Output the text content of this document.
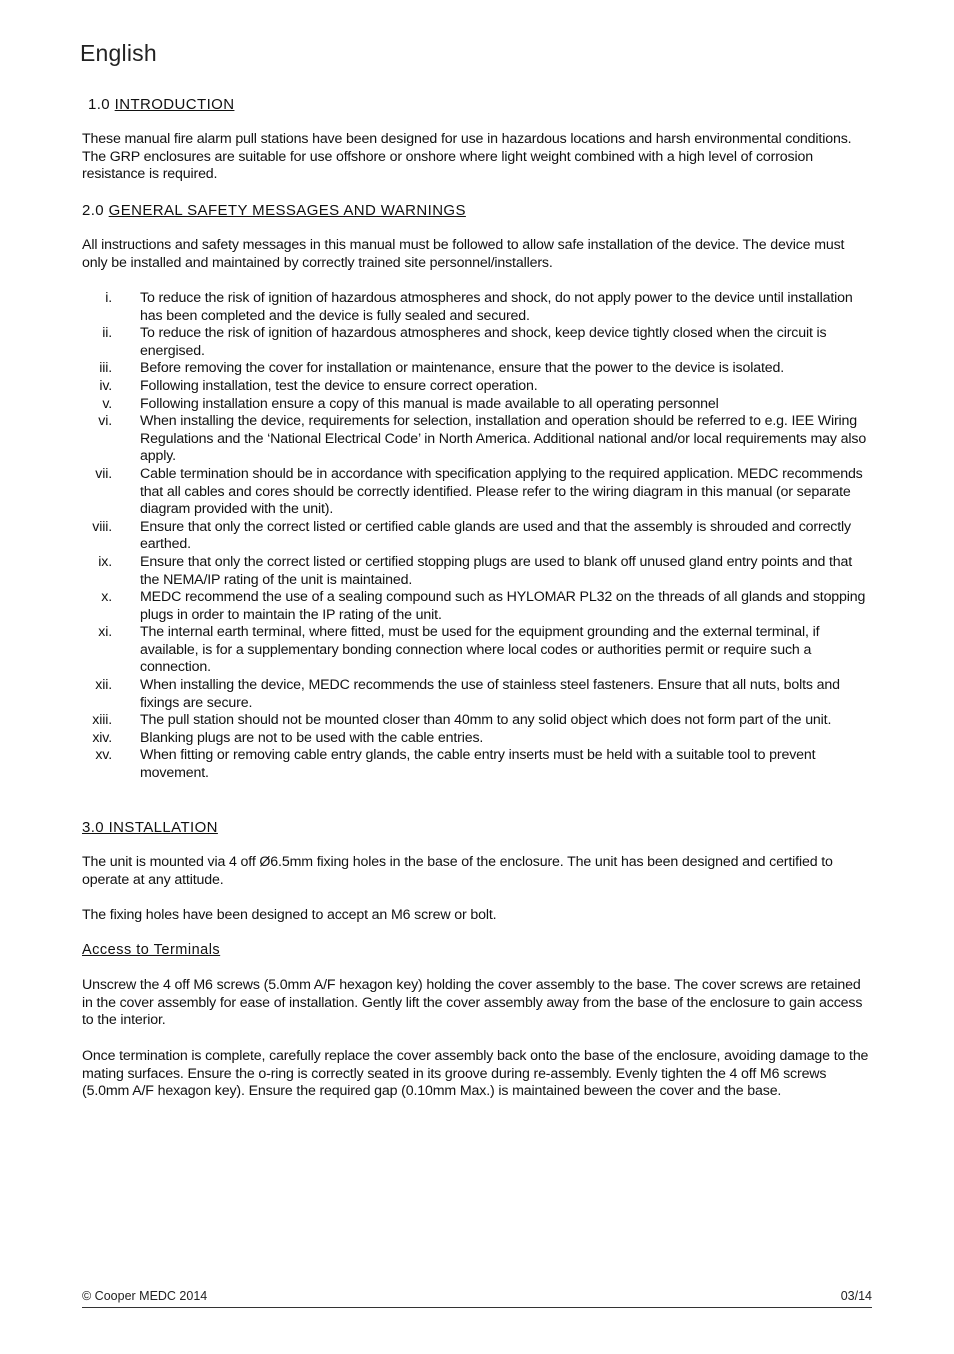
English
1.0 INTRODUCTION
These manual fire alarm pull stations have been designed for use in hazardous locations and harsh environmental conditions. The GRP enclosures are suitable for use offshore or onshore where light weight combined with a high level of corrosion resistance is required.
2.0 GENERAL SAFETY MESSAGES AND WARNINGS
All instructions and safety messages in this manual must be followed to allow safe installation of the device. The device must only be installed and maintained by correctly trained site personnel/installers.
i. To reduce the risk of ignition of hazardous atmospheres and shock, do not apply power to the device until installation has been completed and the device is fully sealed and secured.
ii. To reduce the risk of ignition of hazardous atmospheres and shock, keep device tightly closed when the circuit is energised.
iii. Before removing the cover for installation or maintenance, ensure that the power to the device is isolated.
iv. Following installation, test the device to ensure correct operation.
v. Following installation ensure a copy of this manual is made available to all operating personnel
vi. When installing the device, requirements for selection, installation and operation should be referred to e.g. IEE Wiring Regulations and the ‘National Electrical Code’ in North America. Additional national and/or local requirements may also apply.
vii. Cable termination should be in accordance with specification applying to the required application. MEDC recommends that all cables and cores should be correctly identified. Please refer to the wiring diagram in this manual (or separate diagram provided with the unit).
viii. Ensure that only the correct listed or certified cable glands are used and that the assembly is shrouded and correctly earthed.
ix. Ensure that only the correct listed or certified stopping plugs are used to blank off unused gland entry points and that the NEMA/IP rating of the unit is maintained.
x. MEDC recommend the use of a sealing compound such as HYLOMAR PL32 on the threads of all glands and stopping plugs in order to maintain the IP rating of the unit.
xi. The internal earth terminal, where fitted, must be used for the equipment grounding and the external terminal, if available, is for a supplementary bonding connection where local codes or authorities permit or require such a connection.
xii. When installing the device, MEDC recommends the use of stainless steel fasteners. Ensure that all nuts, bolts and fixings are secure.
xiii. The pull station should not be mounted closer than 40mm to any solid object which does not form part of the unit.
xiv. Blanking plugs are not to be used with the cable entries.
xv. When fitting or removing cable entry glands, the cable entry inserts must be held with a suitable tool to prevent movement.
3.0 INSTALLATION
The unit is mounted via 4 off Ø6.5mm fixing holes in the base of the enclosure. The unit has been designed and certified to operate at any attitude.
The fixing holes have been designed to accept an M6 screw or bolt.
Access to Terminals
Unscrew the 4 off M6 screws (5.0mm A/F hexagon key) holding the cover assembly to the base. The cover screws are retained in the cover assembly for ease of installation. Gently lift the cover assembly away from the base of the enclosure to gain access to the interior.
Once termination is complete, carefully replace the cover assembly back onto the base of the enclosure, avoiding damage to the mating surfaces. Ensure the o-ring is correctly seated in its groove during re-assembly. Evenly tighten the 4 off M6 screws (5.0mm A/F hexagon key). Ensure the required gap (0.10mm Max.) is maintained beween the cover and the base.
© Cooper MEDC 2014	03/14
